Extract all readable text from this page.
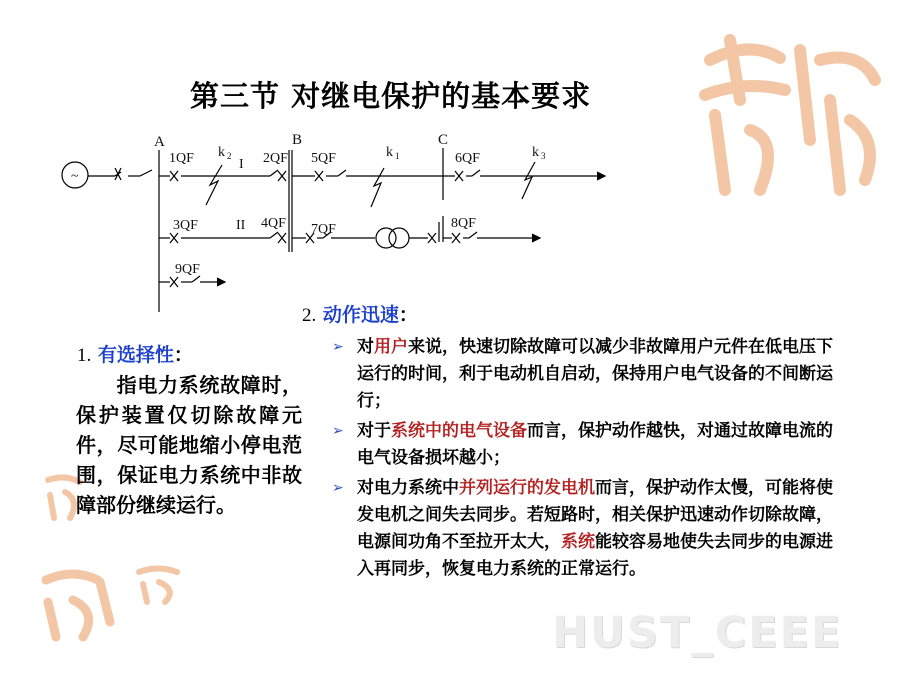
第三节 对继电保护的基本要求
~
A	B	C
1QF	2QF 5QF	6QF
3QF	4QF 7QF	8QF
9QF
k 2	k 1	k 3
I
II
1. 有选择性：
指电力系统故障时，保护装置仅切除故障元件，尽可能地缩小停电范围，保证电力系统中非故障部份继续运行。
2. 动作迅速：
➢ 对用户来说，快速切除故障可以减少非故障用户元件在低电压下运行的时间，利于电动机自启动，保持用户电气设备的不间断运行；
➢ 对于系统中的电气设备而言，保护动作越快，对通过故障电流的电气设备损坏越小；
➢ 对电力系统中并列运行的发电机而言，保护动作太慢，可能将使发电机之间失去同步。若短路时，相关保护迅速动作切除故障，电源间功角不至拉开太大，系统能较容易地使失去同步的电源进入再同步，恢复电力系统的正常运行。
HUST_CEEE
